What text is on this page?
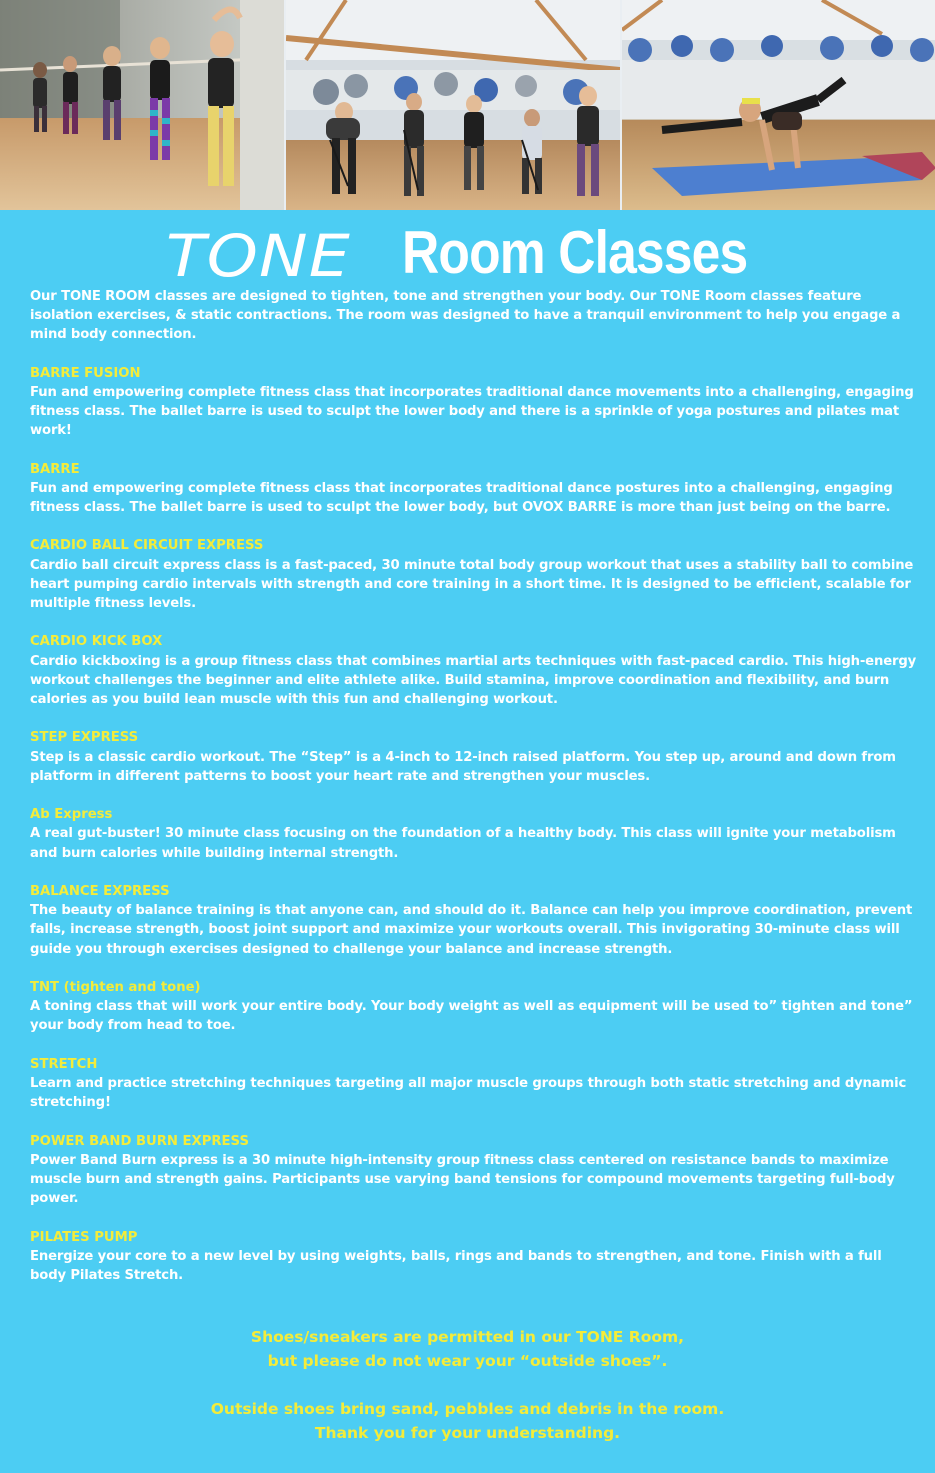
TONE Room Classes

Our TONE ROOM classes are designed to tighten, tone and strengthen your body. Our TONE Room classes feature isolation exercises, & static contractions. The room was designed to have a tranquil environment to help you engage a mind body connection.

BARRE FUSION

Fun and empowering complete fitness class that incorporates traditional dance movements into a challenging, engaging fitness class. The ballet barre is used to sculpt the lower body and there is a sprinkle of yoga postures and pilates mat work!

BARRE

Fun and empowering complete fitness class that incorporates traditional dance postures into a challenging, engaging fitness class. The ballet barre is used to sculpt the lower body, but OVOX BARRE is more than just being on the barre.

CARDIO BALL CIRCUIT EXPRESS

Cardio ball circuit express class is a fast-paced, 30 minute total body group workout that uses a stability ball to combine heart pumping cardio intervals with strength and core training in a short time. It is designed to be efficient, scalable for multiple fitness levels.

CARDIO KICK BOX

Cardio kickboxing is a group fitness class that combines martial arts techniques with fast-paced cardio. This high-energy workout challenges the beginner and elite athlete alike. Build stamina, improve coordination and flexibility, and burn calories as you build lean muscle with this fun and challenging workout.

STEP EXPRESS

Step is a classic cardio workout. The “Step” is a 4-inch to 12-inch raised platform. You step up, around and down from platform in different patterns to boost your heart rate and strengthen your muscles.

Ab Express

A real gut-buster! 30 minute class focusing on the foundation of a healthy body. This class will ignite your metabolism and burn calories while building internal strength.

BALANCE EXPRESS

The beauty of balance training is that anyone can, and should do it. Balance can help you improve coordination, prevent falls, increase strength, boost joint support and maximize your workouts overall. This invigorating 30-minute class will guide you through exercises designed to challenge your balance and increase strength.

TNT (tighten and tone)

A toning class that will work your entire body. Your body weight as well as equipment will be used to” tighten and tone” your body from head to toe.

STRETCH

Learn and practice stretching techniques targeting all major muscle groups through both static stretching and dynamic stretching!

POWER BAND BURN EXPRESS

Power Band Burn express is a 30 minute high-intensity group fitness class centered on resistance bands to maximize muscle burn and strength gains. Participants use varying band tensions for compound movements targeting full-body power.

PILATES PUMP

Energize your core to a new level by using weights, balls, rings and bands to strengthen, and tone. Finish with a full body Pilates Stretch.

Shoes/sneakers are permitted in our TONE Room,

but please do not wear your “outside shoes”.

Outside shoes bring sand, pebbles and debris in the room.

Thank you for your understanding.
